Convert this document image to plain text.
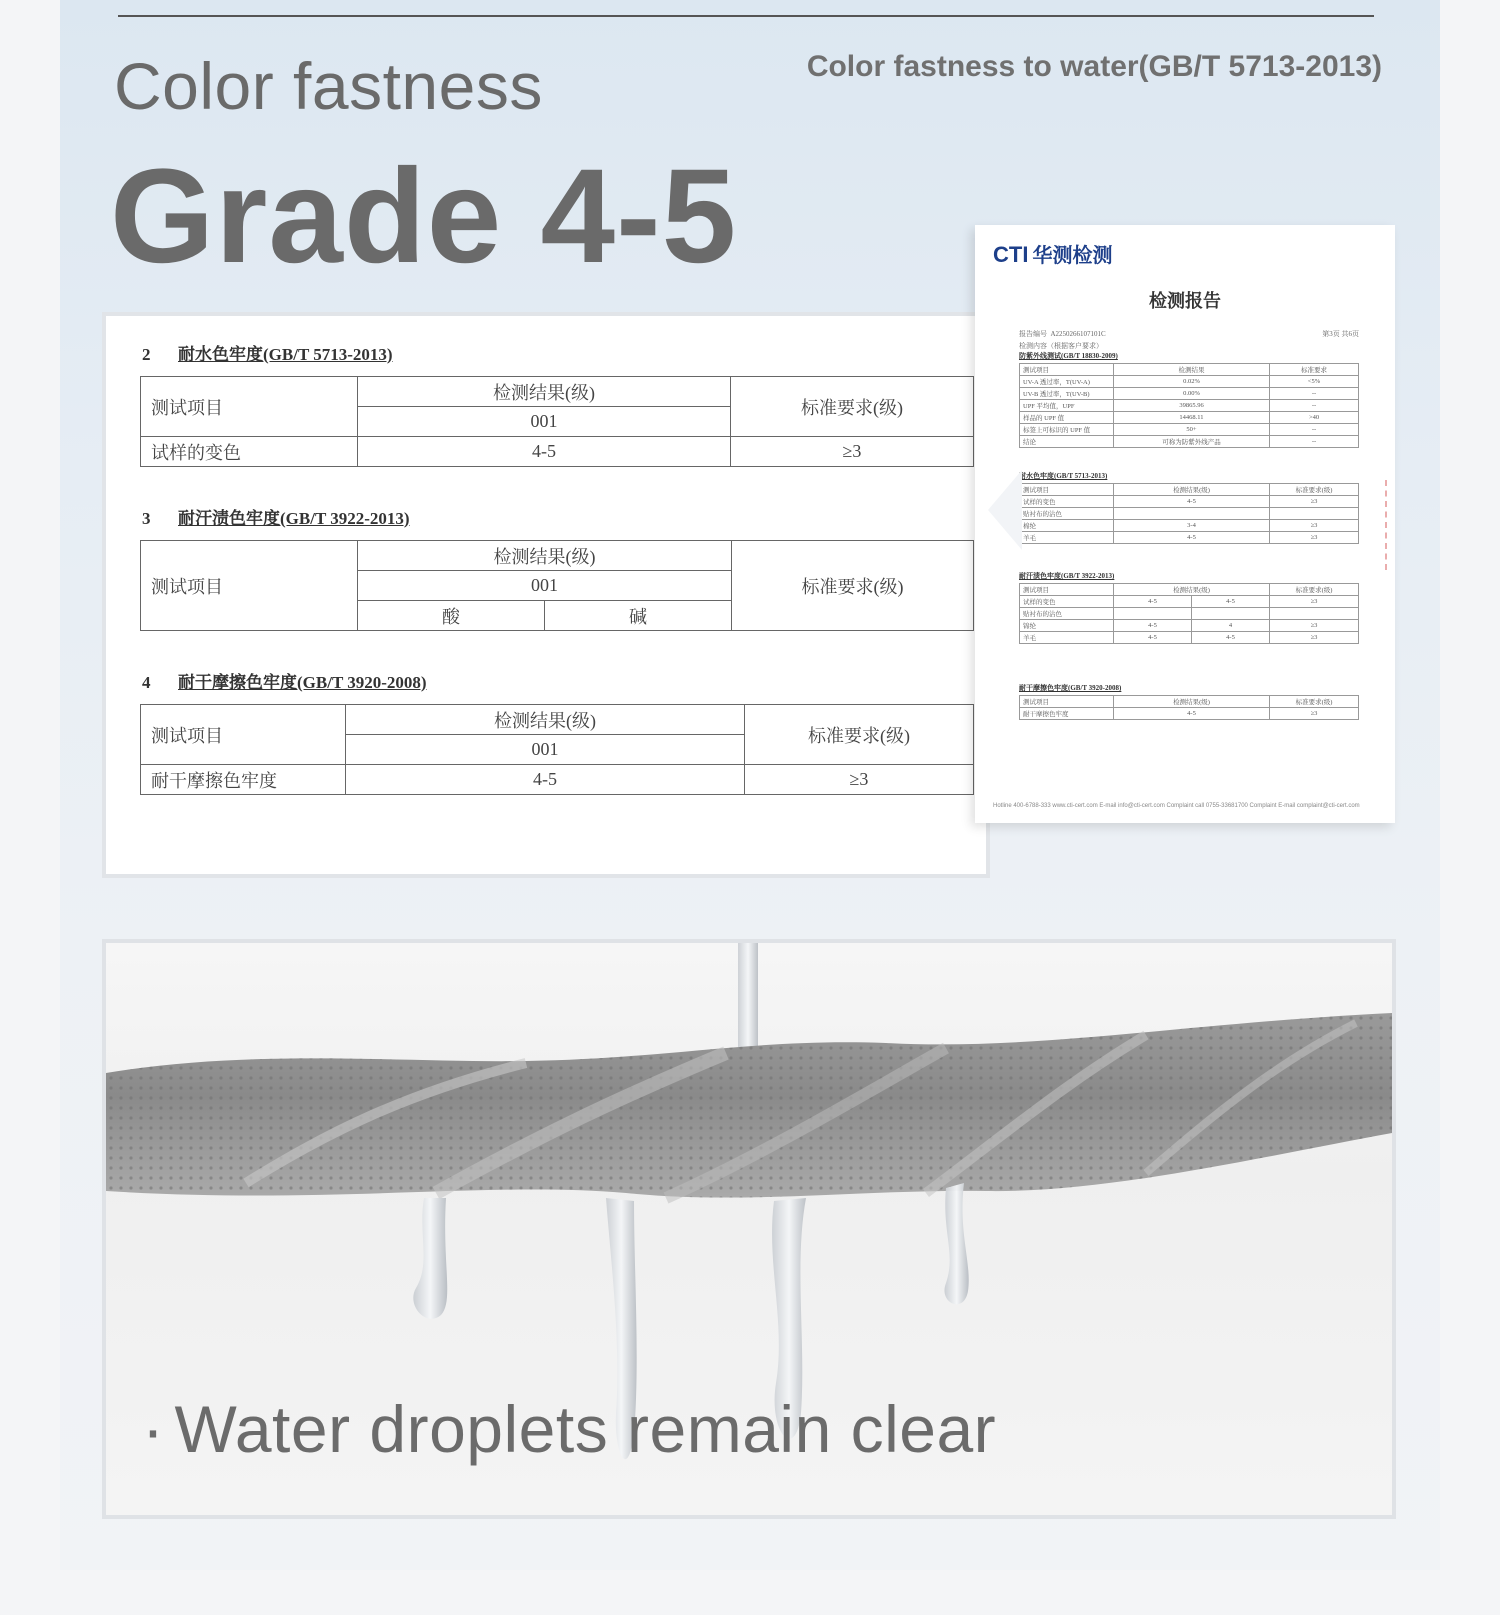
Color fastness
Grade 4-5
Color fastness to water(GB/T 5713-2013)
2 耐水色牢度(GB/T 5713-2013)
测试项目	检测结果(级)	标准要求(级)
	001	
试样的变色	4-5	≥3
3 耐汗渍色牢度(GB/T 3922-2013)
测试项目	检测结果(级)		标准要求(级)
	001		
	酸	碱	
4 耐干摩擦色牢度(GB/T 3920-2008)
测试项目	检测结果(级)	标准要求(级)
	001	
耐干摩擦色牢度	4-5	≥3
CTI 华测检测
检测报告
报告编号 A2250266107101C	第3页 共6页
检测内容（根据客户要求）
防紫外线测试(GB/T 18830-2009)
测试项目	检测结果	标准要求
UV-A 透过率，T(UV-A)	0.02%	<5%
UV-B 透过率，T(UV-B)	0.00%	--
UPF 平均值，UPF	39865.96	--
样品的 UPF 值	14468.11	>40
标签上可标识的 UPF 值	50+	--
结论	可称为防紫外线产品	--
耐水色牢度(GB/T 5713-2013)
测试项目	检测结果(级)	标准要求(级)
试样的变色	4-5	≥3
贴衬布的沾色		
棉纶	3-4	≥3
羊毛	4-5	≥3
耐汗渍色牢度(GB/T 3922-2013)
测试项目	检测结果(级)		标准要求(级)
试样的变色	4-5	4-5	≥3
贴衬布的沾色			
锦纶	4-5	4	≥3
羊毛	4-5	4-5	≥3
耐干摩擦色牢度(GB/T 3920-2008)
测试项目	检测结果(级)	标准要求(级)
耐干摩擦色牢度	4-5	≥3
Hotline 400-6788-333 www.cti-cert.com E-mail info@cti-cert.com Complaint call 0755-33681700 Complaint E-mail complaint@cti-cert.com
· Water droplets remain clear
